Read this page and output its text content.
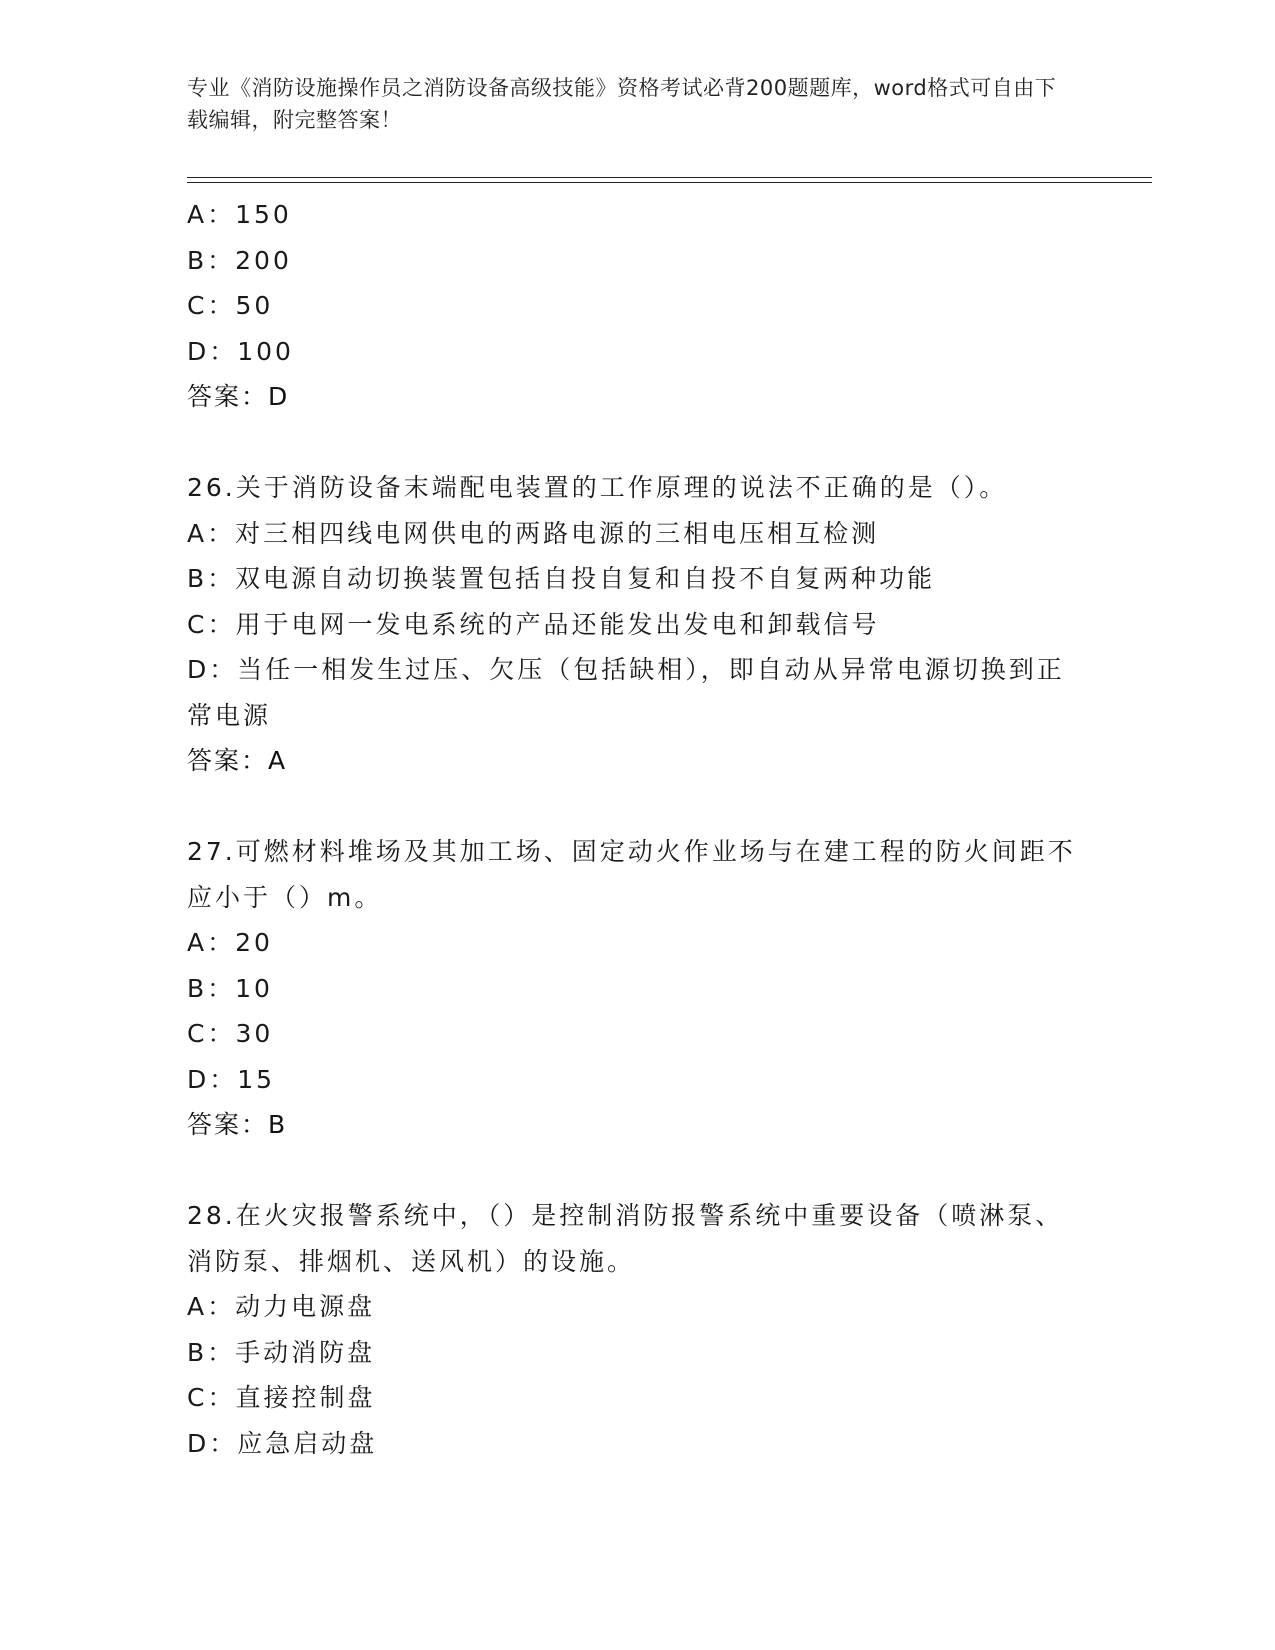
专业《消防设施操作员之消防设备高级技能》资格考试必背200题题库，word格式可自由下载编辑，附完整答案！
A：150
B：200
C：50
D：100
答案：D
26.关于消防设备末端配电装置的工作原理的说法不正确的是（）。
A：对三相四线电网供电的两路电源的三相电压相互检测
B：双电源自动切换装置包括自投自复和自投不自复两种功能
C：用于电网一发电系统的产品还能发出发电和卸载信号
D：当任一相发生过压、欠压（包括缺相），即自动从异常电源切换到正常电源
答案：A
27.可燃材料堆场及其加工场、固定动火作业场与在建工程的防火间距不应小于（）m。
A：20
B：10
C：30
D：15
答案：B
28.在火灾报警系统中，（）是控制消防报警系统中重要设备（喷淋泵、消防泵、排烟机、送风机）的设施。
A：动力电源盘
B：手动消防盘
C：直接控制盘
D：应急启动盘
